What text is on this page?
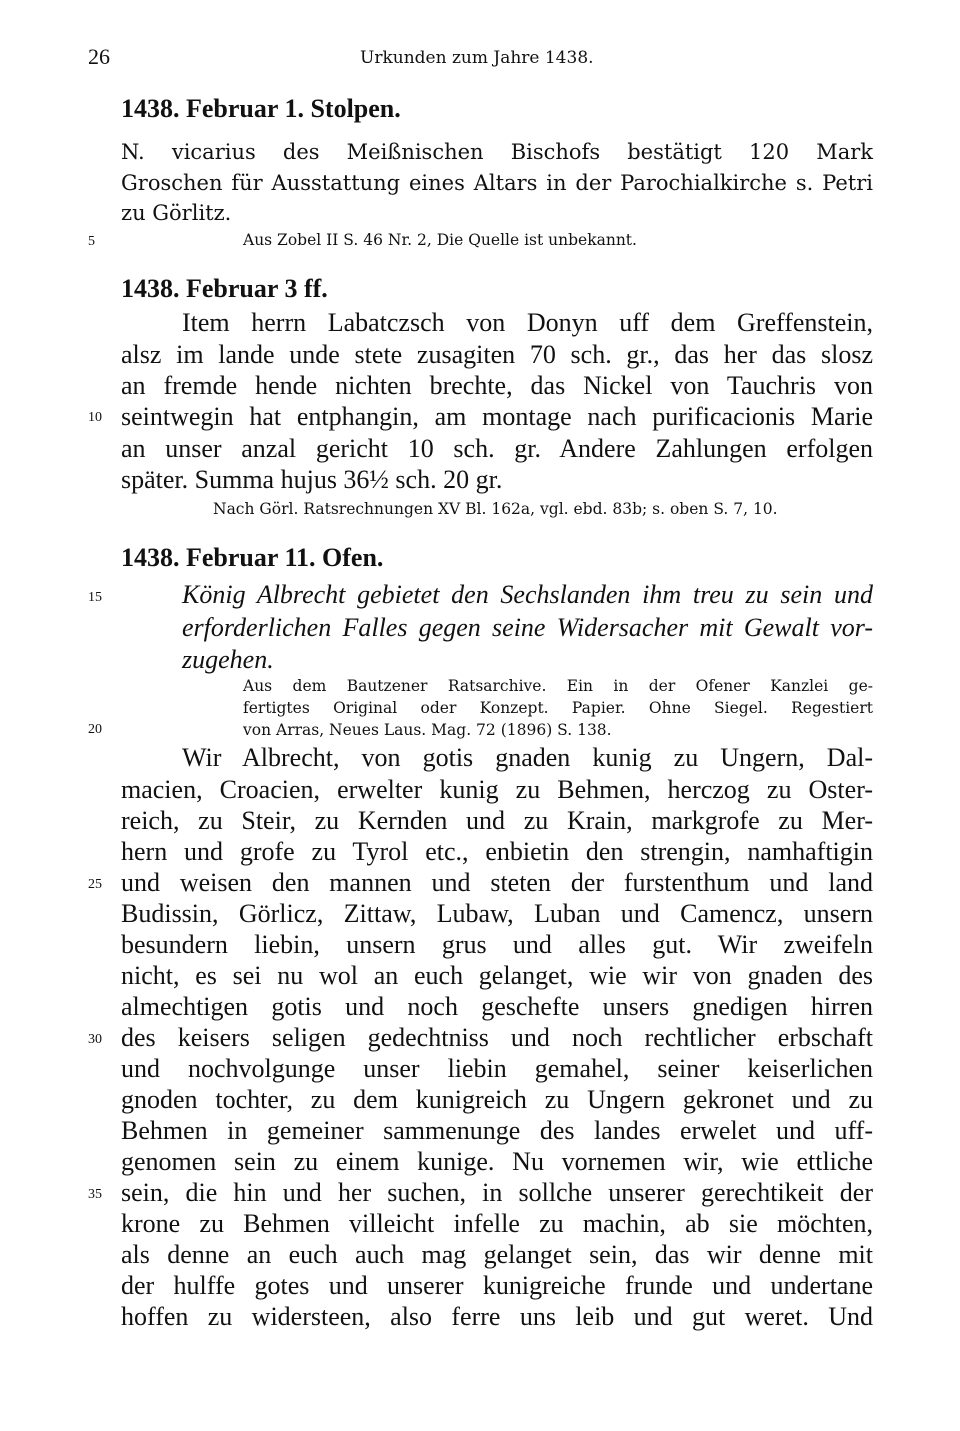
26	Urkunden zum Jahre 1438.
1438. Februar 1. Stolpen.
N. vicarius des Meißnischen Bischofs bestätigt 120 Mark
Groschen für Ausstattung eines Altars in der Parochialkirche s. Petri
zu Görlitz.
Aus Zobel II S. 46 Nr. 2, Die Quelle ist unbekannt.
5
1438. Februar 3 ff.
Item herrn Labatczsch von Donyn uff dem Greffenstein,
alsz im lande unde stete zusagiten 70 sch. gr., das her das slosz
an fremde hende nichten brechte, das Nickel von Tauchris von
seintwegin hat entphangin, am montage nach purificacionis Marie
10
an unser anzal gericht 10 sch. gr. Andere Zahlungen erfolgen
später. Summa hujus 36½ sch. 20 gr.
Nach Görl. Ratsrechnungen XV Bl. 162a, vgl. ebd. 83b; s. oben S. 7, 10.
1438. Februar 11. Ofen.
König Albrecht gebietet den Sechslanden ihm treu zu sein und
15
erforderlichen Falles gegen seine Widersacher mit Gewalt vor-
zugehen.
Aus dem Bautzener Ratsarchive. Ein in der Ofener Kanzlei ge-
fertigtes Original oder Konzept. Papier. Ohne Siegel. Regestiert
von Arras, Neues Laus. Mag. 72 (1896) S. 138.
20
Wir Albrecht, von gotis gnaden kunig zu Ungern, Dal-
macien, Croacien, erwelter kunig zu Behmen, herczog zu Oster-
reich, zu Steir, zu Kernden und zu Krain, markgrofe zu Mer-
hern und grofe zu Tyrol etc., enbietin den strengin, namhaftigin
und weisen den mannen und steten der furstenthum und land
25
Budissin, Görlicz, Zittaw, Lubaw, Luban und Camencz, unsern
besundern liebin, unsern grus und alles gut. Wir zweifeln
nicht, es sei nu wol an euch gelanget, wie wir von gnaden des
almechtigen gotis und noch geschefte unsers gnedigen hirren
des keisers seligen gedechtniss und noch rechtlicher erbschaft
30
und nochvolgunge unser liebin gemahel, seiner keiserlichen
gnoden tochter, zu dem kunigreich zu Ungern gekronet und zu
Behmen in gemeiner sammenunge des landes erwelet und uff-
genomen sein zu einem kunige. Nu vornemen wir, wie ettliche
sein, die hin und her suchen, in sollche unserer gerechtikeit der
35
krone zu Behmen villeicht infelle zu machin, ab sie möchten,
als denne an euch auch mag gelanget sein, das wir denne mit
der hulffe gotes und unserer kunigreiche frunde und undertane
hoffen zu widersteen, also ferre uns leib und gut weret. Und
